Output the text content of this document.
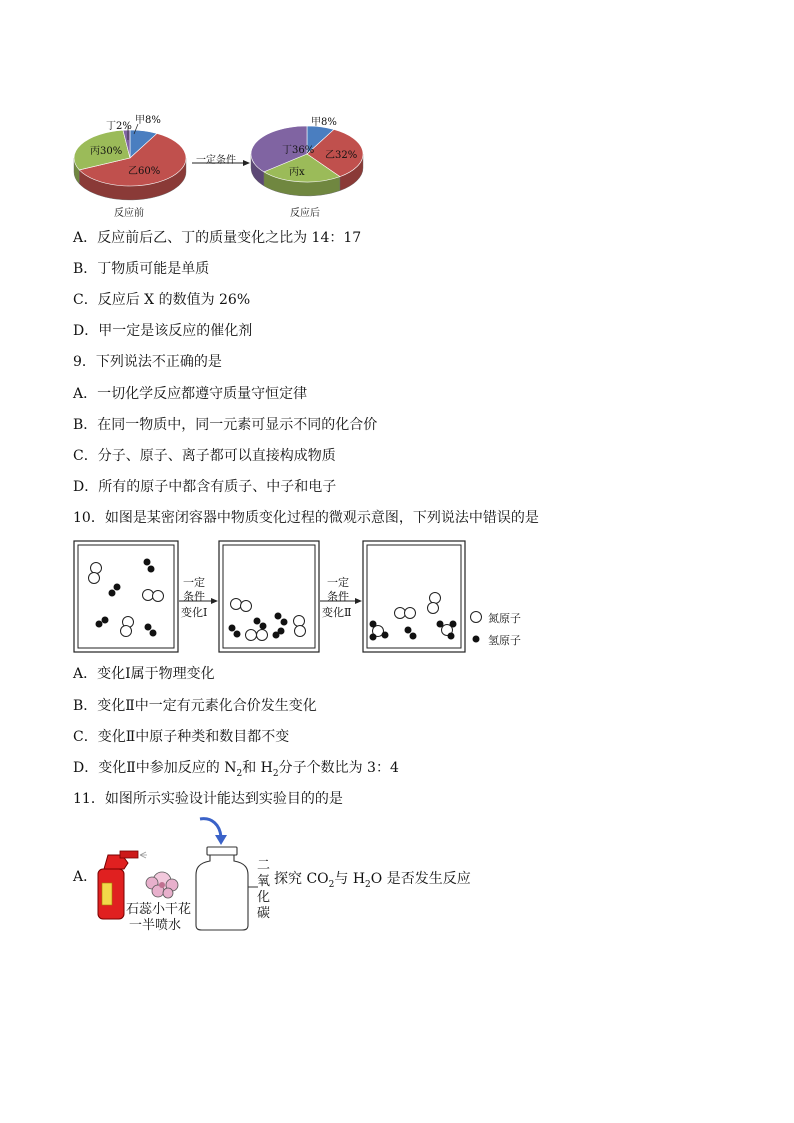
甲8%
丁2%
丙30%
乙60%
一定条件
甲8%
丁36% 乙32%
丙x
反应前	反应后
A．反应前后乙、丁的质量变化之比为 14：17
B．丁物质可能是单质
C．反应后 X 的数值为 26%
D．甲一定是该反应的催化剂
9．下列说法不正确的是
A．一切化学反应都遵守质量守恒定律
B．在同一物质中，同一元素可显示不同的化合价
C．分子、原子、离子都可以直接构成物质
D．所有的原子中都含有质子、中子和电子
10．如图是某密闭容器中物质变化过程的微观示意图，下列说法中错误的是
一定
条件
变化Ⅰ
一定
条件
变化Ⅱ	氮原子
氢原子
A．变化Ⅰ属于物理变化
B．变化Ⅱ中一定有元素化合价发生变化
C．变化Ⅱ中原子种类和数目都不变
D．变化Ⅱ中参加反应的 $N_2$和 $H_2$分子个数比为 3：4
11．如图所示实验设计能达到实验目的的是
A．
石蕊小干花
一半喷水
二
氧
化
碳
探究 $CO_2$与 $H_2O$ 是否发生反应
